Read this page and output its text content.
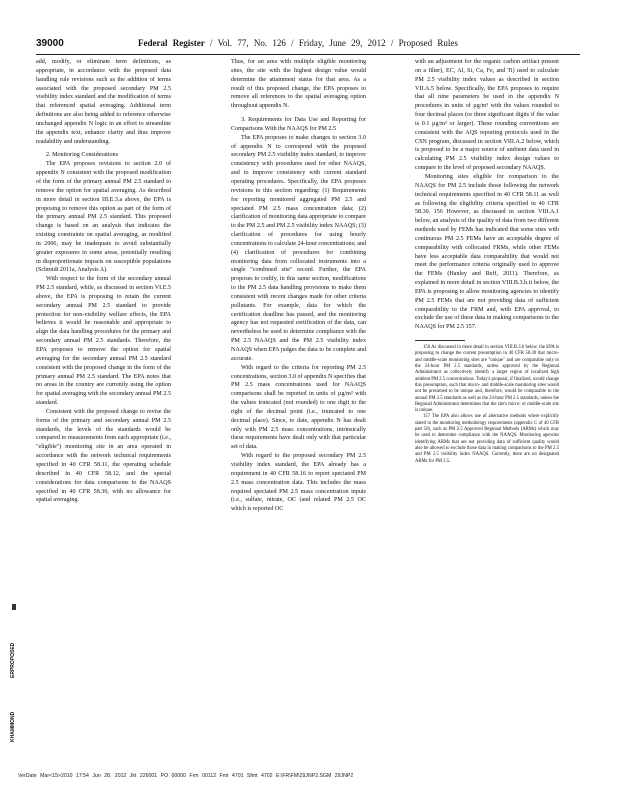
39000	Federal Register / Vol. 77, No. 126 / Friday, June 29, 2012 / Proposed Rules

add, modify, or eliminate term definitions, as appropriate, in accordance with the proposed data handling rule revisions such as the addition of terms associated with the proposed secondary PM 2.5 visibility index standard and the modification of terms that referenced spatial averaging. Additional term definitions are also being added to reference otherwise unchanged appendix N logic in an effort to streamline the appendix text, enhance clarity and thus improve readability and understanding.

2. Monitoring Considerations

The EPA proposes revisions to section 2.0 of appendix N consistent with the proposed modification of the form of the primary annual PM 2.5 standard to remove the option for spatial averaging. As described in more detail in section III.E.3.a above, the EPA is proposing to remove this option as part of the form of the primary annual PM 2.5 standard. This proposed change is based on an analysis that indicates the existing constraints on spatial averaging, as modified in 2006, may be inadequate to avoid substantially greater exposures in some areas, potentially resulting in disproportionate impacts on susceptible populations (Schmidt 2011a, Analysis A).

With respect to the form of the secondary annual PM 2.5 standard, while, as discussed in section VI.E.5 above, the EPA is proposing to retain the current secondary annual PM 2.5 standard to provide protection for non-visibility welfare effects, the EPA believes it would be reasonable and appropriate to align the data handling procedures for the primary and secondary annual PM 2.5 standards. Therefore, the EPA proposes to remove the option for spatial averaging for the secondary annual PM 2.5 standard consistent with the proposed change in the form of the primary annual PM 2.5 standard. The EPA notes that no areas in the country are currently using the option for spatial averaging with the secondary annual PM 2.5 standard.

Consistent with the proposed change to revise the forms of the primary and secondary annual PM 2.5 standards, the levels of the standards would be compared to measurements from each appropriate (i.e., "eligible") monitoring site in an area operated in accordance with the network technical requirements specified in 40 CFR 58.11, the operating schedule described in 40 CFR 58.12, and the special considerations for data comparisons to the NAAQS specified in 40 CFR 58.30, with no allowance for spatial averaging.

Thus, for an area with multiple eligible monitoring sites, the site with the highest design value would determine the attainment status for that area. As a result of this proposed change, the EPA proposes to remove all references to the spatial averaging option throughout appendix N.

3. Requirements for Data Use and Reporting for Comparisons With the NAAQS for PM 2.5

The EPA proposes to make changes to section 3.0 of appendix N to correspond with the proposed secondary PM 2.5 visibility index standard, to improve consistency with procedures used for other NAAQS, and to improve consistency with current standard operating procedures. Specifically, the EPA proposes revisions to this section regarding: (1) Requirements for reporting monitored aggregated PM 2.5 and speciated PM 2.5 mass concentration data; (2) clarification of monitoring data appropriate to compare to the PM 2.5 and PM 2.5 visibility index NAAQS; (3) clarification of procedures for using hourly concentrations to calculate 24-hour concentrations; and (4) clarification of procedures for combining monitoring data from collocated instruments into a single "combined site" record. Further, the EPA proposes to codify, in this same section, modifications to the PM 2.5 data handling provisions to make them consistent with recent changes made for other criteria pollutants. For example, data for which the certification deadline has passed, and the monitoring agency has not requested certification of the data, can nevertheless be used to determine compliance with the PM 2.5 NAAQS and the PM 2.5 visibility index NAAQS when EPA judges the data to be complete and accurate.

With regard to the criteria for reporting PM 2.5 concentrations, section 3.0 of appendix N specifies that PM 2.5 mass concentrations used for NAAQS comparisons shall be reported in units of µg/m³ with the values truncated (not rounded) to one digit to the right of the decimal point (i.e., truncated to one decimal place). Since, to date, appendix N has dealt only with PM 2.5 mass concentrations, intrinsically these requirements have dealt only with that particular set of data.

With regard to the proposed secondary PM 2.5 visibility index standard, the EPA already has a requirement in 40 CFR 58.16 to report speciated PM 2.5 mass concentration data. This includes the mass required speciated PM 2.5 mass concentration inputs (i.e., sulfate, nitrate, OC (and related PM 2.5 OC which is reported OC

with an adjustment for the organic carbon artifact present on a filter), EC, Al, Si, Ca, Fe, and Ti) used to calculate PM 2.5 visibility index values as described in section VII.A.5 below. Specifically, the EPA proposes to require that all nine parameters be used in the appendix N procedures in units of µg/m³ with the values rounded to four decimal places (or three significant digits if the value is 0.1 µg/m³ or larger). These rounding conventions are consistent with the AQS reporting protocols used in the CSN program, discussed in section VIII.A.2 below, which is proposed to be a major source of ambient data used in calculating PM 2.5 visibility index design values to compare to the level of proposed secondary NAAQS.

Monitoring sites eligible for comparison to the NAAQS for PM 2.5 include those following the network technical requirements specified in 40 CFR 58.11 as well as following the eligibility criteria specified in 40 CFR 58.30. 156 However, as discussed in section VIII.A.1 below, an analysis of the quality of data from two different methods used by FEMs has indicated that some sites with continuous PM 2.5 FEMs have an acceptable degree of comparability with collocated FRMs, while other FEMs have less acceptable data comparability that would not meet the performance criteria originally used to approve the FEMs (Hanley and Reff, 2011). Therefore, as explained in more detail in section VIII.B.3.b.ii below, the EPA is proposing to allow monitoring agencies to identify PM 2.5 FEMs that are not providing data of sufficient comparability to the FRM and, with EPA approval, to exclude the use of these data in making comparisons to the NAAQS for PM 2.5 157.

156 As discussed in more detail in section VIII.B.3.b below, the EPA is proposing to change the current presumption in 40 CFR 58.30 that micro- and middle-scale monitoring sites are "unique" and are comparable only to the 24-hour PM 2.5 standards, unless approved by the Regional Administrator as collectively identify a larger region of localized high ambient PM 2.5 concentrations. Today's proposal, if finalized, would change this presumption, such that micro- and middle-scale monitoring sites would not be presumed to be unique and, therefore, would be comparable to the annual PM 2.5 standards as well as the 24-hour PM 2.5 standards, unless the Regional Administrator determines that the site's micro- or middle-scale site is unique.

157 The EPA also allows use of alternative methods where explicitly stated in the monitoring methodology requirements (appendix C of 40 CFR part 58), such as PM 2.5 Approved Regional Methods (ARMs) which may be used to determine compliance with the NAAQS. Monitoring agencies identifying ARMs that are not providing data of sufficient quality would also be allowed to exclude those data in making comparisons to the PM 2.5 and PM 2.5 visibility index NAAQS. Currently, there are no designated ARMs for PM 2.5.

ERPROPOSED
KHAMMOND
VerDate Mar<15>2010 17:54 Jun 28, 2012 Jkt 226001 PO 00000 Frm 00112 Fmt 4701 Sfmt 4702 E:\FR\FM\29JNP2.SGM 29JNP2
